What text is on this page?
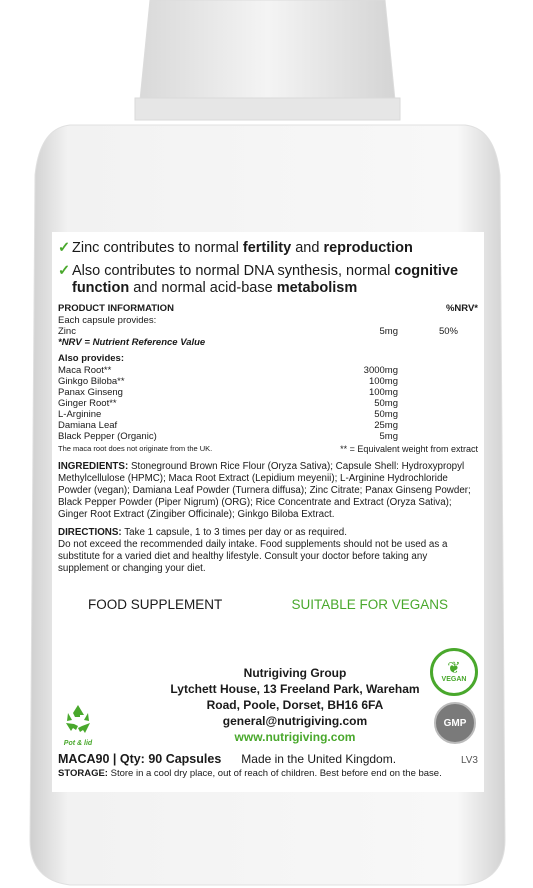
✓ Zinc contributes to normal fertility and reproduction
✓ Also contributes to normal DNA synthesis, normal cognitive function and normal acid-base metabolism
PRODUCT INFORMATION	%NRV*
Each capsule provides:
Zinc	5mg	50%
*NRV = Nutrient Reference Value
Also provides:
Maca Root**	3000mg
Ginkgo Biloba**	100mg
Panax Ginseng	100mg
Ginger Root**	50mg
L-Arginine	50mg
Damiana Leaf	25mg
Black Pepper (Organic)	5mg
The maca root does not originate from the UK.	** = Equivalent weight from extract
INGREDIENTS: Stoneground Brown Rice Flour (Oryza Sativa); Capsule Shell: Hydroxypropyl Methylcellulose (HPMC); Maca Root Extract (Lepidium meyenii); L-Arginine Hydrochloride Powder (vegan); Damiana Leaf Powder (Turnera diffusa); Zinc Citrate; Panax Ginseng Powder; Black Pepper Powder (Piper Nigrum) (ORG); Rice Concentrate and Extract (Oryza Sativa); Ginger Root Extract (Zingiber Officinale); Ginkgo Biloba Extract.
DIRECTIONS: Take 1 capsule, 1 to 3 times per day or as required.
Do not exceed the recommended daily intake. Food supplements should not be used as a substitute for a varied diet and healthy lifestyle. Consult your doctor before taking any supplement or changing your diet.
FOOD SUPPLEMENT	SUITABLE FOR VEGANS
Nutrigiving Group
Lytchett House, 13 Freeland Park, Wareham
Road, Poole, Dorset, BH16 6FA
general@nutrigiving.com
www.nutrigiving.com
Pot & lid
❦
VEGAN
GMP
MACA90 | Qty: 90 Capsules Made in the United Kingdom.	LV3
STORAGE: Store in a cool dry place, out of reach of children. Best before end on the base.
